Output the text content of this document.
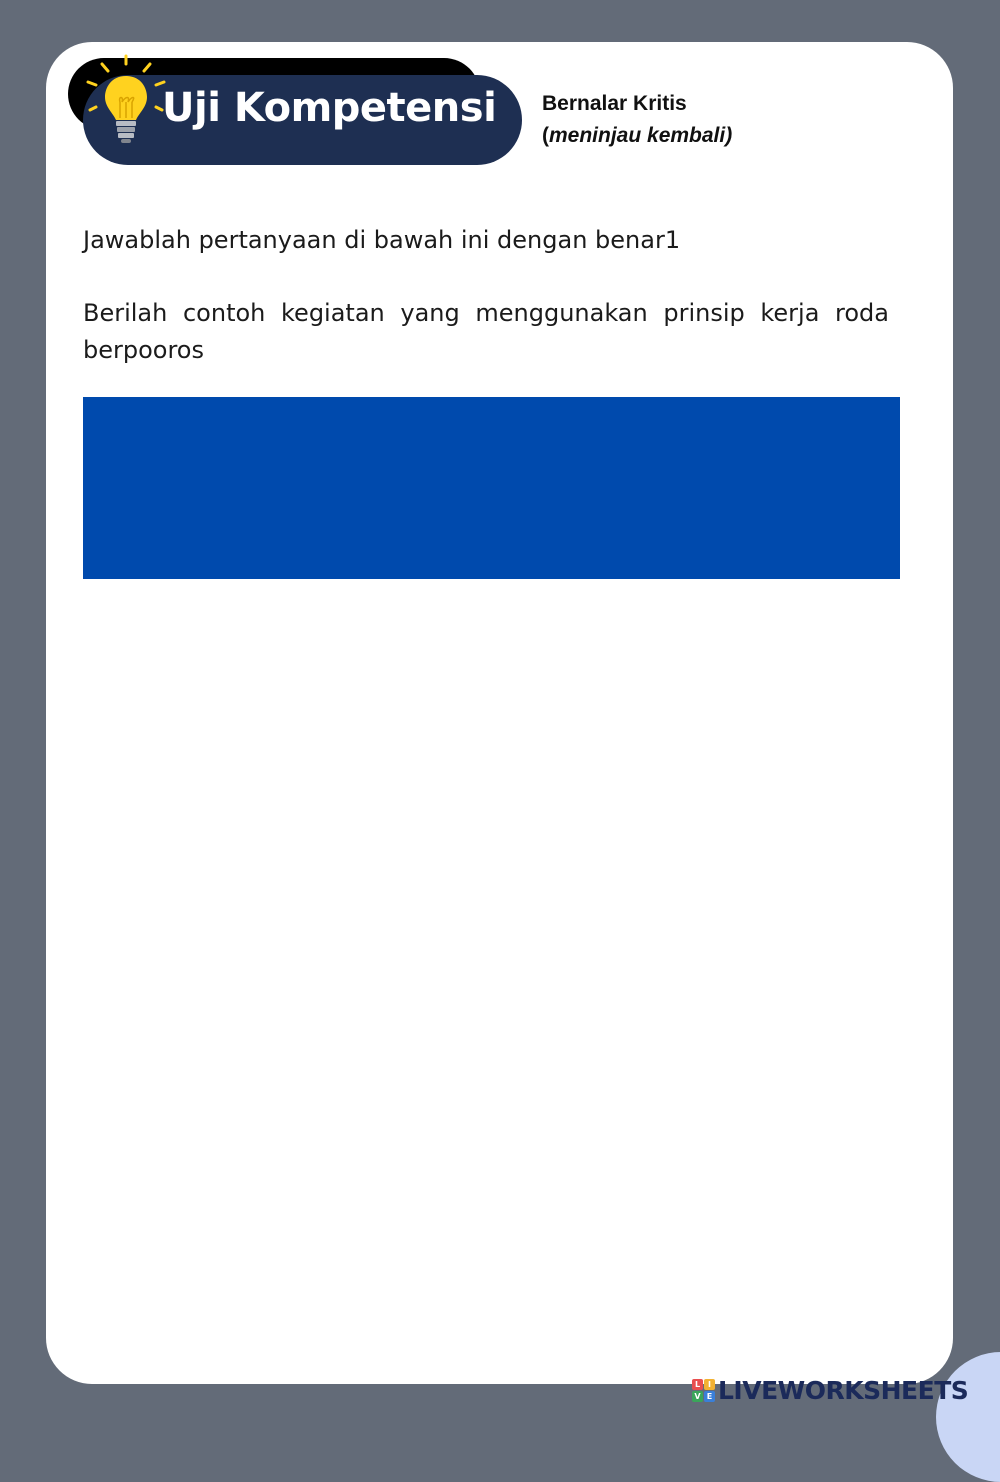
Uji Kompetensi Bernalar Kritis
(meninjau kembali)

Jawablah pertanyaan di bawah ini dengan benar1

Berilah contoh kegiatan yang menggunakan prinsip kerja roda berpooros

L I
V E LIVEWORKSHEETS
